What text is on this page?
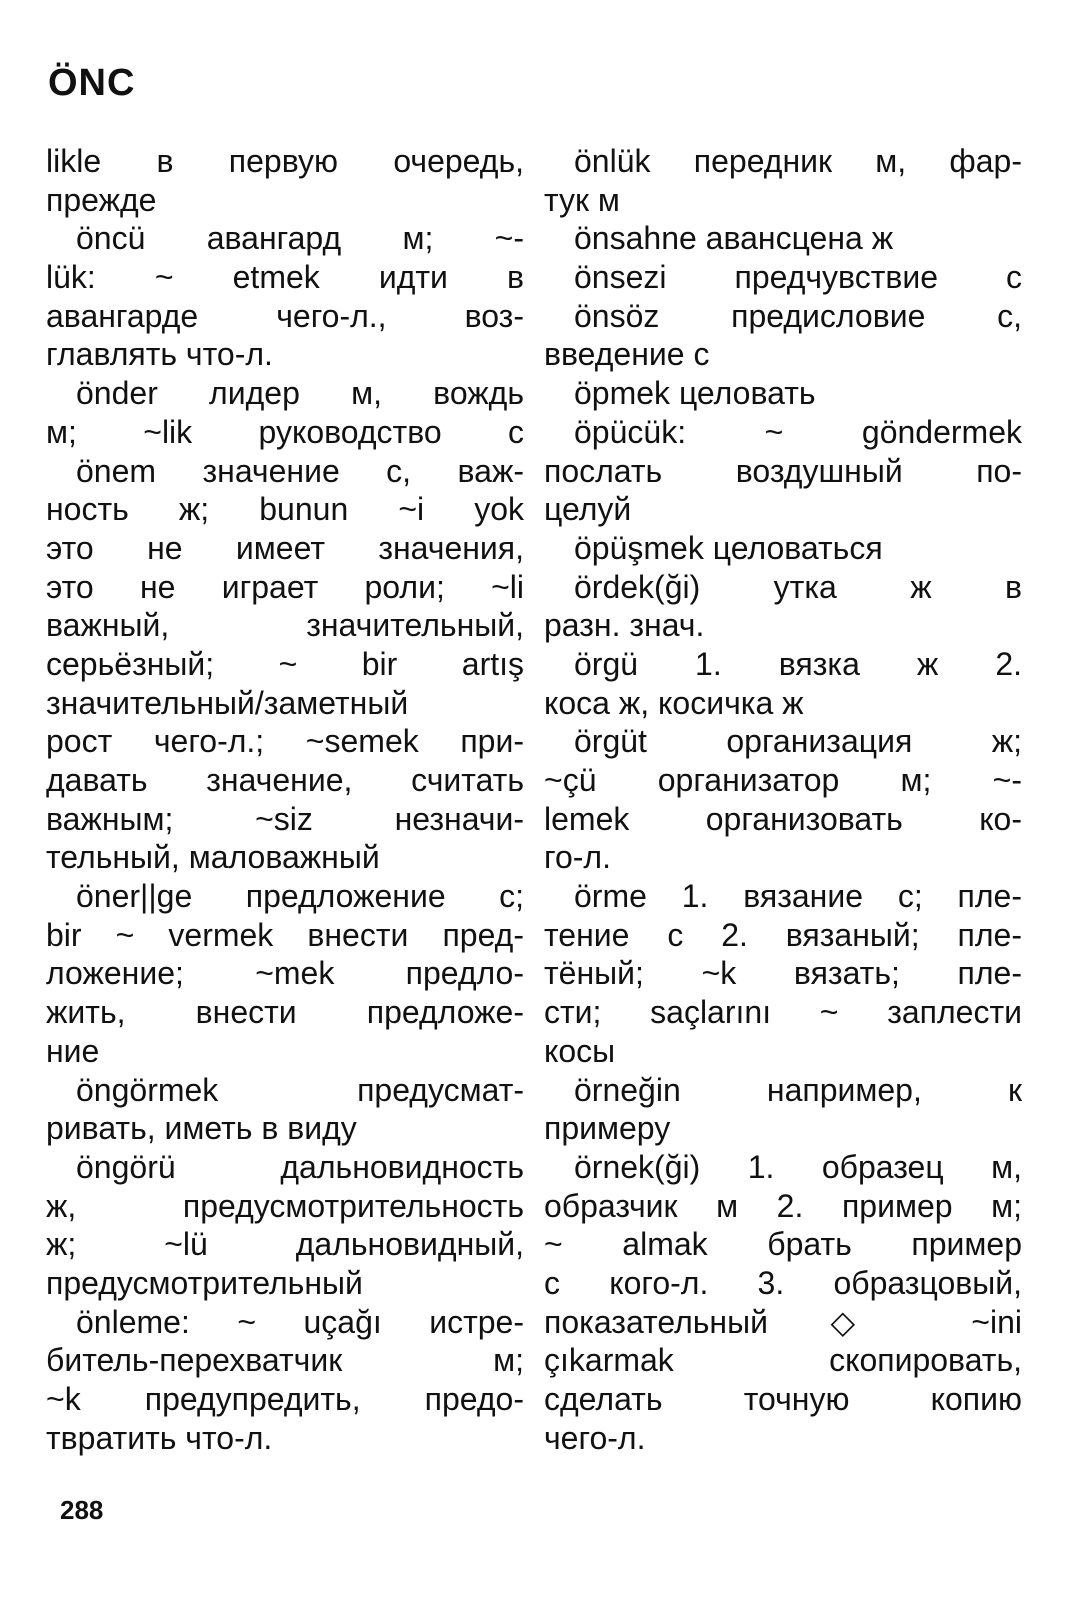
ÖNC
likle в первую очередь,
прежде
öncü авангард м; ~-
lük: ~ etmek идти в
авангарде чего-л., воз-
главлять что-л.
önder лидер м, вождь
м; ~lik руководство с
önem значение с, важ-
ность ж; bunun ~i yok
это не имеет значения,
это не играет роли; ~li
важный, значительный,
серьёзный; ~ bir artış
значительный/заметный
рост чего-л.; ~semek при-
давать значение, считать
важным; ~siz незначи-
тельный, маловажный
öner||ge предложение с;
bir ~ vermek внести пред-
ложение; ~mek предло-
жить, внести предложе-
ние
öngörmek предусмат-
ривать, иметь в виду
öngörü дальновидность
ж, предусмотрительность
ж; ~lü дальновидный,
предусмотрительный
önleme: ~ uçağı истре-
битель-перехватчик м;
~k предупредить, предо-
твратить что-л.
önlük передник м, фар-
тук м
önsahne авансцена ж
önsezi предчувствие с
önsöz предисловие с,
введение с
öpmek целовать
öpücük: ~ göndermek
послать воздушный по-
целуй
öpüşmek целоваться
ördek(ği) утка ж в
разн. знач.
örgü 1. вязка ж 2.
коса ж, косичка ж
örgüt организация ж;
~çü организатор м; ~-
lemek организовать ко-
го-л.
örme 1. вязание с; пле-
тение с 2. вязаный; пле-
тёный; ~k вязать; пле-
сти; saçlarını ~ заплести
косы
örneğin например, к
примеру
örnek(ği) 1. образец м,
образчик м 2. пример м;
~ almak брать пример
с кого-л. 3. образцовый,
показательный ◇ ~ini
çıkarmak скопировать,
сделать точную копию
чего-л.
288
